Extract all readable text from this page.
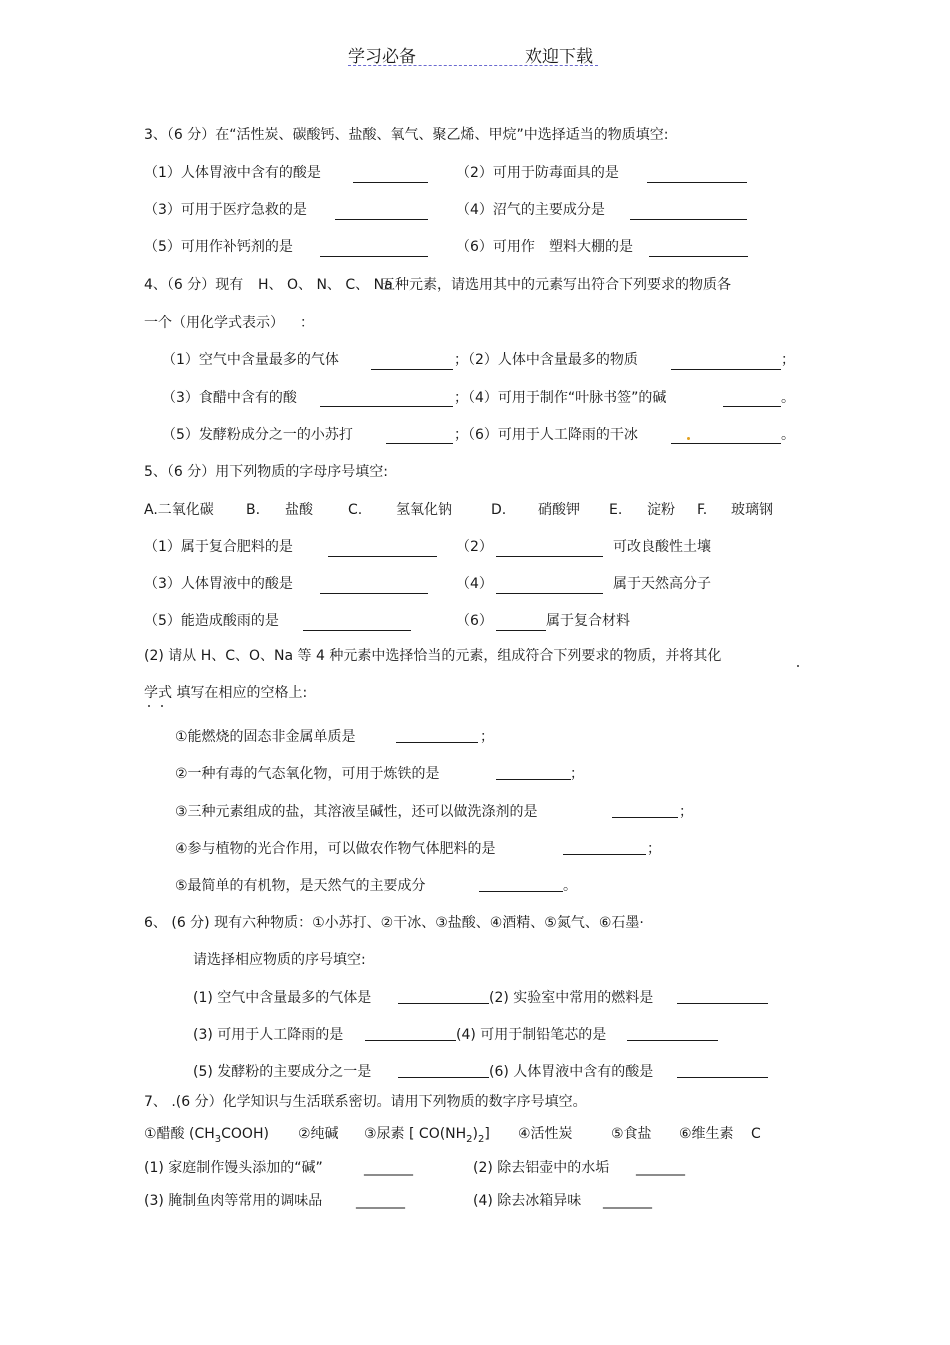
学习必备	欢迎下载
3、（6 分）在“活性炭、碳酸钙、盐酸、氧气、聚乙烯、甲烷”中选择适当的物质填空:
（1）人体胃液中含有的酸是	（2）可用于防毒面具的是
（3）可用于医疗急救的是	（4）沼气的主要成分是
（5）可用作补钙剂的是	（6）可用作 塑料大棚的是
4、（6 分）现有 H、 O、 N、 C、 Na
五种元素，请选用其中的元素写出符合下列要求的物质各
一个（用化学式表示） ：
（1）空气中含量最多的气体	；（2）人体中含量最多的物质	；
（3）食醋中含有的酸	；（4）可用于制作“叶脉书签”的碱	。
（5）发酵粉成分之一的小苏打	；（6）可用于人工降雨的干冰	。
5、（6 分）用下列物质的字母序号填空:
A.二氧化碳 B. 盐酸	C. 氢氧化钠	D. 硝酸钾 E. 淀粉 F. 玻璃钢
（1）属于复合肥料的是	（2）	可改良酸性土壤
（3）人体胃液中的酸是	（4）	属于天然高分子
（5）能造成酸雨的是	（6）	属于复合材料
(2) 请从 H、C、O、Na 等 4 种元素中选择恰当的元素，组成符合下列要求的物质，并将其化
学式 填写在相应的空格上:
①能燃烧的固态非金属单质是	；
②一种有毒的气态氧化物，可用于炼铁的是	；
③三种元素组成的盐，其溶液呈碱性，还可以做洗涤剂的是	；
④参与植物的光合作用，可以做农作物气体肥料的是	；
⑤最简单的有机物，是天然气的主要成分	。
6、 (6 分) 现有六种物质：①小苏打、②干冰、③盐酸、④酒精、⑤氮气、⑥石墨·
请选择相应物质的序号填空:
(1) 空气中含量最多的气体是	(2) 实验室中常用的燃料是
(3) 可用于人工降雨的是	(4) 可用于制铅笔芯的是
(5) 发酵粉的主要成分之一是	(6) 人体胃液中含有的酸是
7、 .(6 分）化学知识与生活联系密切。请用下列物质的数字序号填空。
①醋酸 $(CH_3COOH)$ ②纯碱 ③尿素 [ $CO(NH_2)_2$] ④活性炭	⑤食盐 ⑥维生素 C
(1) 家庭制作馒头添加的“碱”	_______	(2) 除去铝壶中的水垢 _______
(3) 腌制鱼肉等常用的调味品 _______	(4) 除去冰箱异味 _______
